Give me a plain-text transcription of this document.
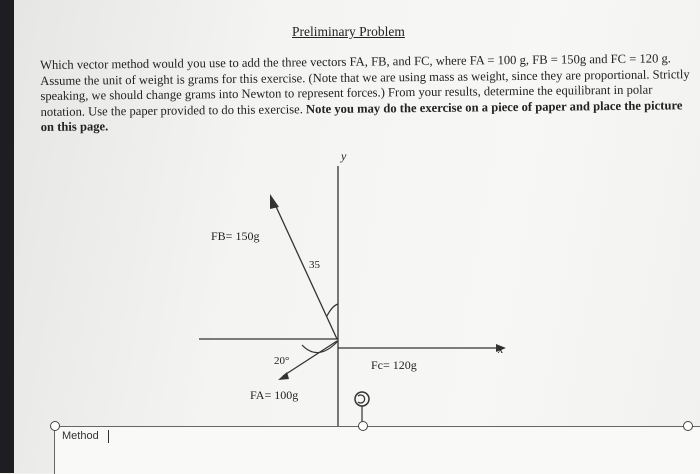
Preliminary Problem

Which vector method would you use to add the three vectors FA, FB, and FC, where FA = 100 g, FB = 150g and FC = 120 g. Assume the unit of weight is grams for this exercise. (Note that we are using mass as weight, since they are proportional. Strictly speaking, we should change grams into Newton to represent forces.) From your results, determine the equilibrant in polar notation. Use the paper provided to do this exercise. Note you may do the exercise on a piece of paper and place the picture on this page.

x
y
FB= 150g
35
20°
FA= 100g
Fc= 120g
Method
